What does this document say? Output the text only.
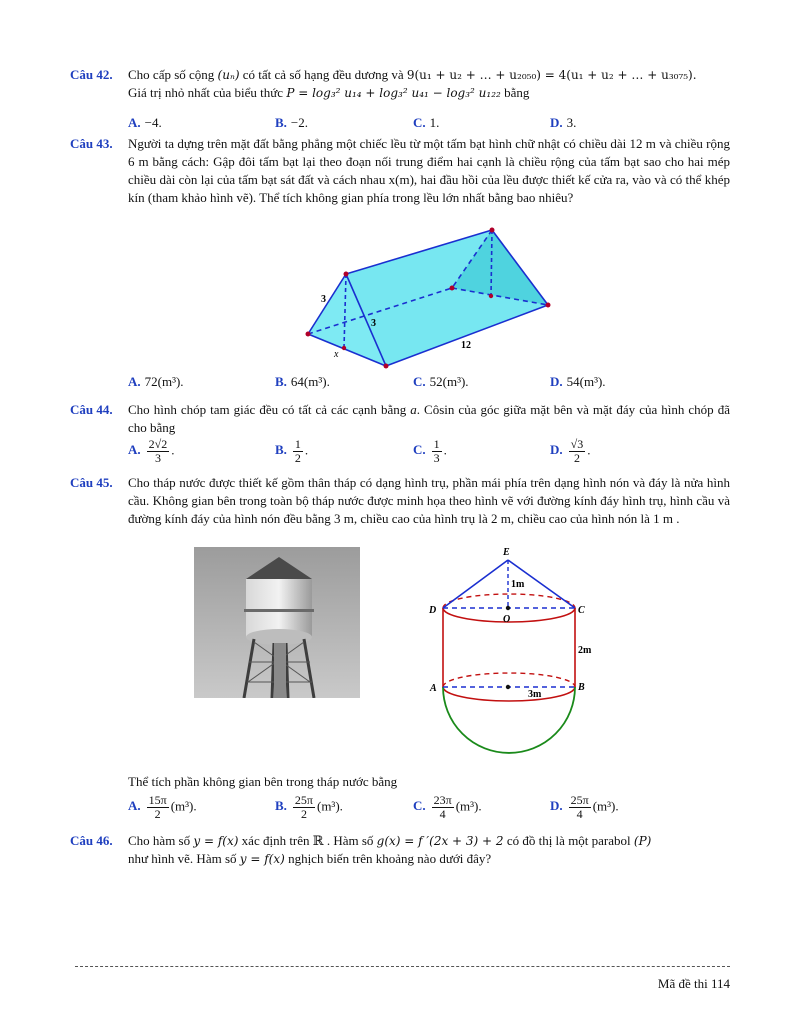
Câu 42. Cho cấp số cộng (uₙ) có tất cả số hạng đều dương và 9(u₁ + u₂ + … + u₂₀₅₀) = 4(u₁ + u₂ + … + u₃₀₇₅).
Giá trị nhỏ nhất của biểu thức P = log₃² u₁₄ + log₃² u₄₁ − log₃² u₁₂₂ bằng
A. −4.	B. −2.	C. 1.	D. 3.
Câu 43. Người ta dựng trên mặt đất bằng phẳng một chiếc lều từ một tấm bạt hình chữ nhật có chiều dài 12 m và chiều rộng 6 m bằng cách: Gập đôi tấm bạt lại theo đoạn nối trung điểm hai cạnh là chiều rộng của tấm bạt sao cho hai mép chiều dài còn lại của tấm bạt sát đất và cách nhau x(m), hai đầu hồi của lều được thiết kế cửa ra, vào và có thể khép kín (tham khảo hình vẽ). Thể tích không gian phía trong lều lớn nhất bằng bao nhiêu?
3
3
12
x
A. 72(m³).	B. 64(m³).	C. 52(m³).	D. 54(m³).
Câu 44. Cho hình chóp tam giác đều có tất cả các cạnh bằng a. Côsin của góc giữa mặt bên và mặt đáy của hình chóp đã cho bằng
A. $\frac{2√2}{3}$ .	B. $\frac{1}{2}$ .	C. $\frac{1}{3}$ .	D. $\frac{√3}{2}$ .
Câu 45. Cho tháp nước được thiết kế gồm thân tháp có dạng hình trụ, phần mái phía trên dạng hình nón và đáy là nửa hình cầu. Không gian bên trong toàn bộ tháp nước được minh họa theo hình vẽ với đường kính đáy hình trụ, hình cầu và đường kính đáy của hình nón đều bằng 3 m, chiều cao của hình trụ là 2 m, chiều cao của hình nón là 1 m .
E
D	C
O
A	B
1m
2m
3m
Thể tích phần không gian bên trong tháp nước bằng
A. $\frac{15\pi}{2} (m^3)$.	B. $\frac{25\pi}{2} (m^3)$.	C. $\frac{23\pi}{4} (m^3)$.	D. $\frac{25\pi}{4} (m^3)$.
Câu 46. Cho hàm số y = f(x) xác định trên ℝ . Hàm số g(x) = f ′(2x + 3) + 2 có đồ thị là một parabol (P)
như hình vẽ. Hàm số y = f(x) nghịch biến trên khoảng nào dưới đây?
Mã đề thi 114
